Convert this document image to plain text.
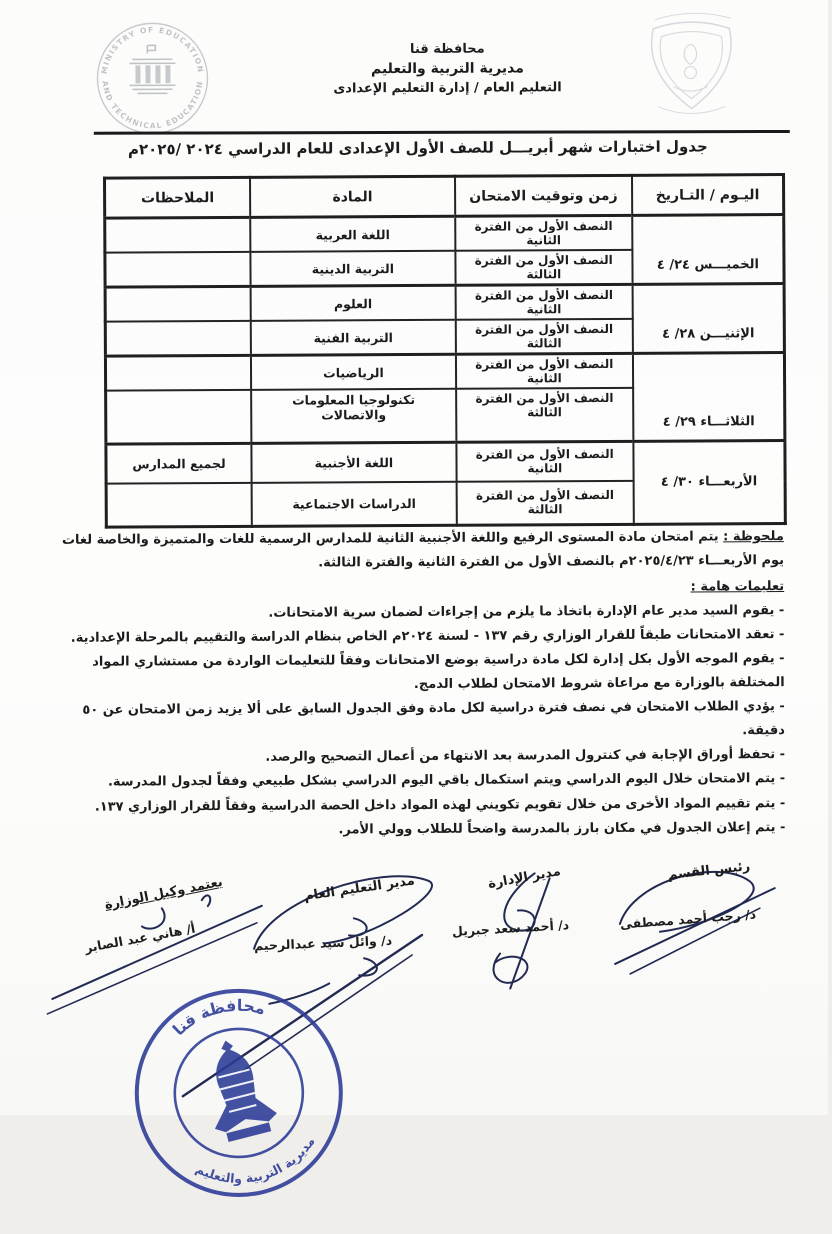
MINISTRY OF EDUCATION
AND TECHNICAL EDUCATION
محافظة قنا
مديرية التربية والتعليم
التعليم العام / إدارة التعليم الإعدادى
جدول اختبارات شهر أبريـــل للصف الأول الإعدادى للعام الدراسي ٢٠٢٤ /٢٠٢٥م
اليـوم / التـاريخ	زمن وتوقيت الامتحان	المادة	الملاحظات
الخميـــس ٢٤/ ٤	النصف الأول من الفترة الثانية	اللغة العربية	
	النصف الأول من الفترة الثالثة	التربية الدينية	
الإثنيـــن ٢٨/ ٤	النصف الأول من الفترة الثانية	العلوم	
	النصف الأول من الفترة الثالثة	التربية الفنية	
الثلاثـــاء ٢٩/ ٤	النصف الأول من الفترة الثانية	الرياضيات	
	النصف الأول من الفترة الثالثة	تكنولوجيا المعلومات والاتصالات	
الأربعـــاء ٣٠/ ٤	النصف الأول من الفترة الثانية	اللغة الأجنبية	لجميع المدارس
	النصف الأول من الفترة الثالثة	الدراسات الاجتماعية	
ملحوظة : يتم امتحان مادة المستوى الرفيع واللغة الأجنبية الثانية للمدارس الرسمية للغات والمتميزة والخاصة لغات يوم الأربعـــاء ٢٠٢٥/٤/٢٣م بالنصف الأول من الفترة الثانية والفترة الثالثة.
تعليمات هامة :
- يقوم السيد مدير عام الإدارة باتخاذ ما يلزم من إجراءات لضمان سرية الامتحانات.
- تعقد الامتحانات طبقاً للقرار الوزاري رقم ١٣٧ - لسنة ٢٠٢٤م الخاص بنظام الدراسة والتقييم بالمرحلة الإعدادية.
- يقوم الموجه الأول بكل إدارة لكل مادة دراسية بوضع الامتحانات وفقاً للتعليمات الواردة من مستشاري المواد المختلفة بالوزارة مع مراعاة شروط الامتحان لطلاب الدمج.
- يؤدي الطلاب الامتحان في نصف فترة دراسية لكل مادة وفق الجدول السابق على ألا يزيد زمن الامتحان عن ٥٠ دقيقة.
- تحفظ أوراق الإجابة في كنترول المدرسة بعد الانتهاء من أعمال التصحيح والرصد.
- يتم الامتحان خلال اليوم الدراسي ويتم استكمال باقي اليوم الدراسي بشكل طبيعي وفقاً لجدول المدرسة.
- يتم تقييم المواد الأخرى من خلال تقويم تكويني لهذه المواد داخل الحصة الدراسية وفقاً للقرار الوزاري ١٣٧.
- يتم إعلان الجدول في مكان بارز بالمدرسة واضحاً للطلاب وولي الأمر.
رئيس القسم
د/ رجب أحمد مصطفى
مدير الإدارة
د/ أحمد سعد جبريل
مدير التعليم العام
د/ وائل سيد عبدالرحيم
يعتمد وكيل الوزارة
أ/ هاني عبد الصابر
محافظة قنا
مديرية التربية والتعليم
